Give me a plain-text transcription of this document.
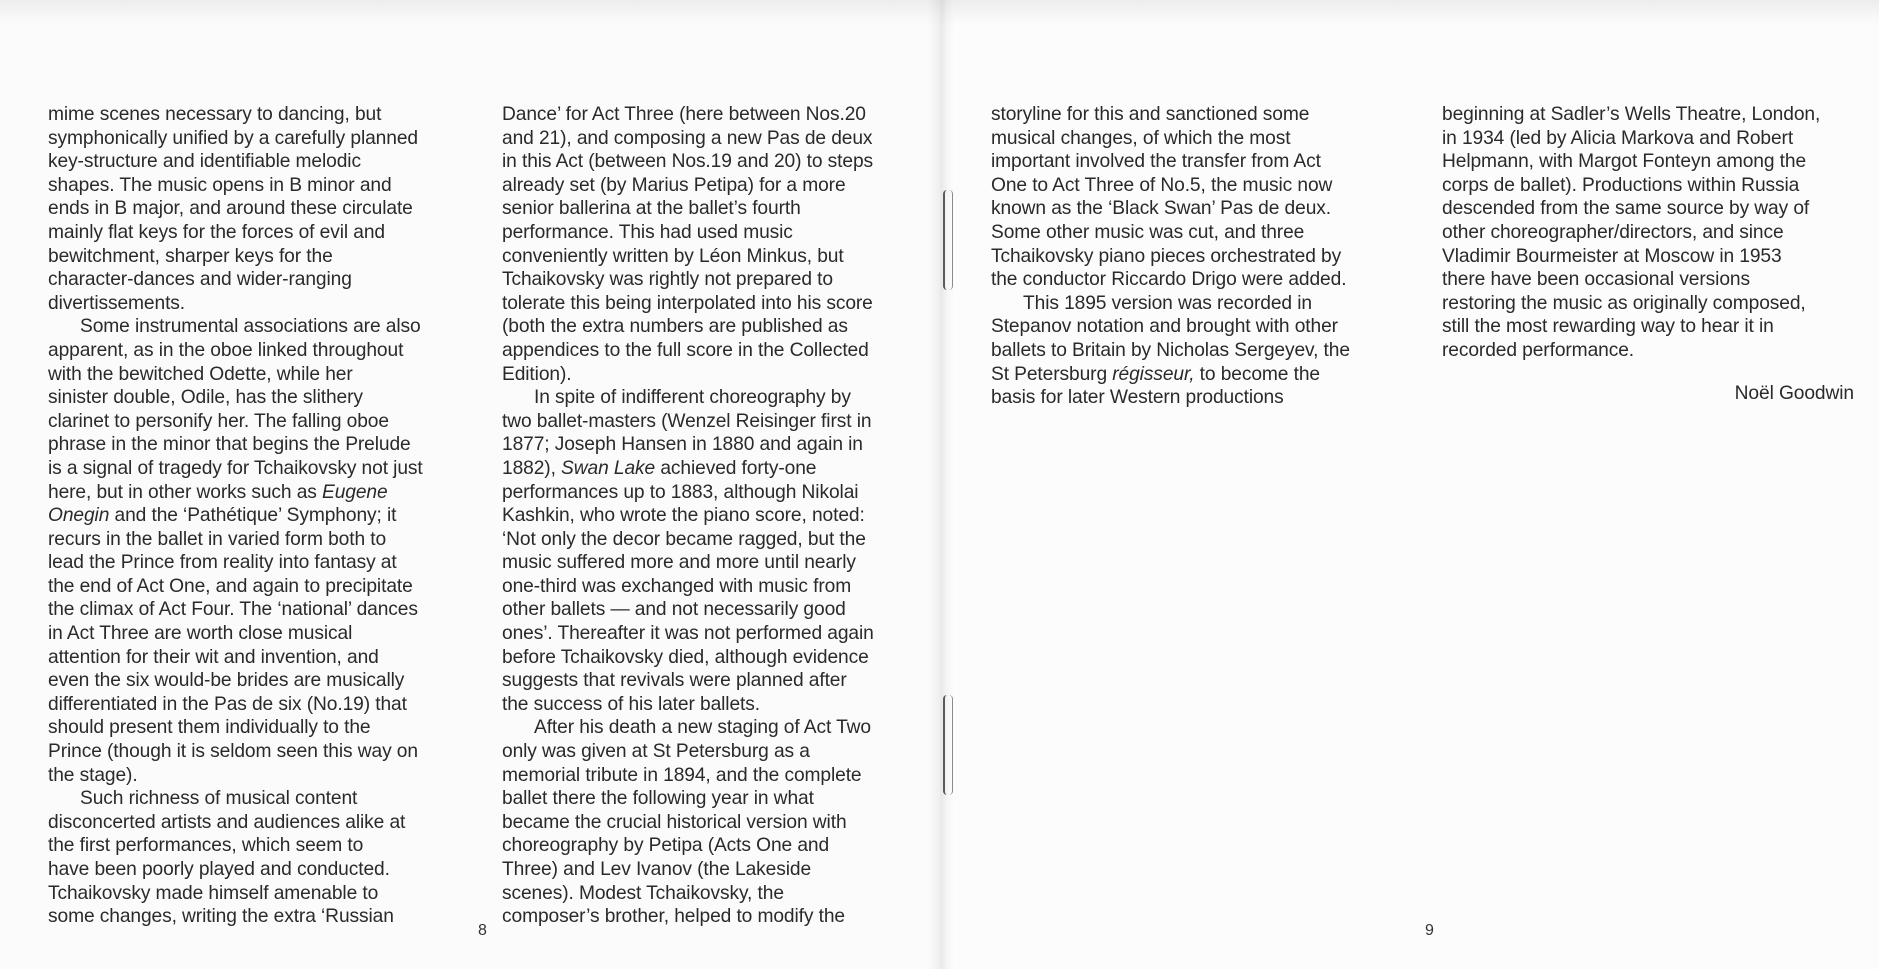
mime scenes necessary to dancing, but
symphonically unified by a carefully planned
key-structure and identifiable melodic
shapes. The music opens in B minor and
ends in B major, and around these circulate
mainly flat keys for the forces of evil and
bewitchment, sharper keys for the
character-dances and wider-ranging
divertissements.

Some instrumental associations are also
apparent, as in the oboe linked throughout
with the bewitched Odette, while her
sinister double, Odile, has the slithery
clarinet to personify her. The falling oboe
phrase in the minor that begins the Prelude
is a signal of tragedy for Tchaikovsky not just
here, but in other works such as Eugene
Onegin and the ‘Pathétique’ Symphony; it
recurs in the ballet in varied form both to
lead the Prince from reality into fantasy at
the end of Act One, and again to precipitate
the climax of Act Four. The ‘national’ dances
in Act Three are worth close musical
attention for their wit and invention, and
even the six would-be brides are musically
differentiated in the Pas de six (No.19) that
should present them individually to the
Prince (though it is seldom seen this way on
the stage).

Such richness of musical content
disconcerted artists and audiences alike at
the first performances, which seem to
have been poorly played and conducted.
Tchaikovsky made himself amenable to
some changes, writing the extra ‘Russian

Dance’ for Act Three (here between Nos.20
and 21), and composing a new Pas de deux
in this Act (between Nos.19 and 20) to steps
already set (by Marius Petipa) for a more
senior ballerina at the ballet’s fourth
performance. This had used music
conveniently written by Léon Minkus, but
Tchaikovsky was rightly not prepared to
tolerate this being interpolated into his score
(both the extra numbers are published as
appendices to the full score in the Collected
Edition).

In spite of indifferent choreography by
two ballet-masters (Wenzel Reisinger first in
1877; Joseph Hansen in 1880 and again in
1882), Swan Lake achieved forty-one
performances up to 1883, although Nikolai
Kashkin, who wrote the piano score, noted:
‘Not only the decor became ragged, but the
music suffered more and more until nearly
one-third was exchanged with music from
other ballets — and not necessarily good
ones’. Thereafter it was not performed again
before Tchaikovsky died, although evidence
suggests that revivals were planned after
the success of his later ballets.

After his death a new staging of Act Two
only was given at St Petersburg as a
memorial tribute in 1894, and the complete
ballet there the following year in what
became the crucial historical version with
choreography by Petipa (Acts One and
Three) and Lev Ivanov (the Lakeside
scenes). Modest Tchaikovsky, the
composer’s brother, helped to modify the

8

storyline for this and sanctioned some
musical changes, of which the most
important involved the transfer from Act
One to Act Three of No.5, the music now
known as the ‘Black Swan’ Pas de deux.
Some other music was cut, and three
Tchaikovsky piano pieces orchestrated by
the conductor Riccardo Drigo were added.

This 1895 version was recorded in
Stepanov notation and brought with other
ballets to Britain by Nicholas Sergeyev, the
St Petersburg régisseur, to become the
basis for later Western productions

beginning at Sadler’s Wells Theatre, London,
in 1934 (led by Alicia Markova and Robert
Helpmann, with Margot Fonteyn among the
corps de ballet). Productions within Russia
descended from the same source by way of
other choreographer/directors, and since
Vladimir Bourmeister at Moscow in 1953
there have been occasional versions
restoring the music as originally composed,
still the most rewarding way to hear it in
recorded performance.

Noël Goodwin
9
